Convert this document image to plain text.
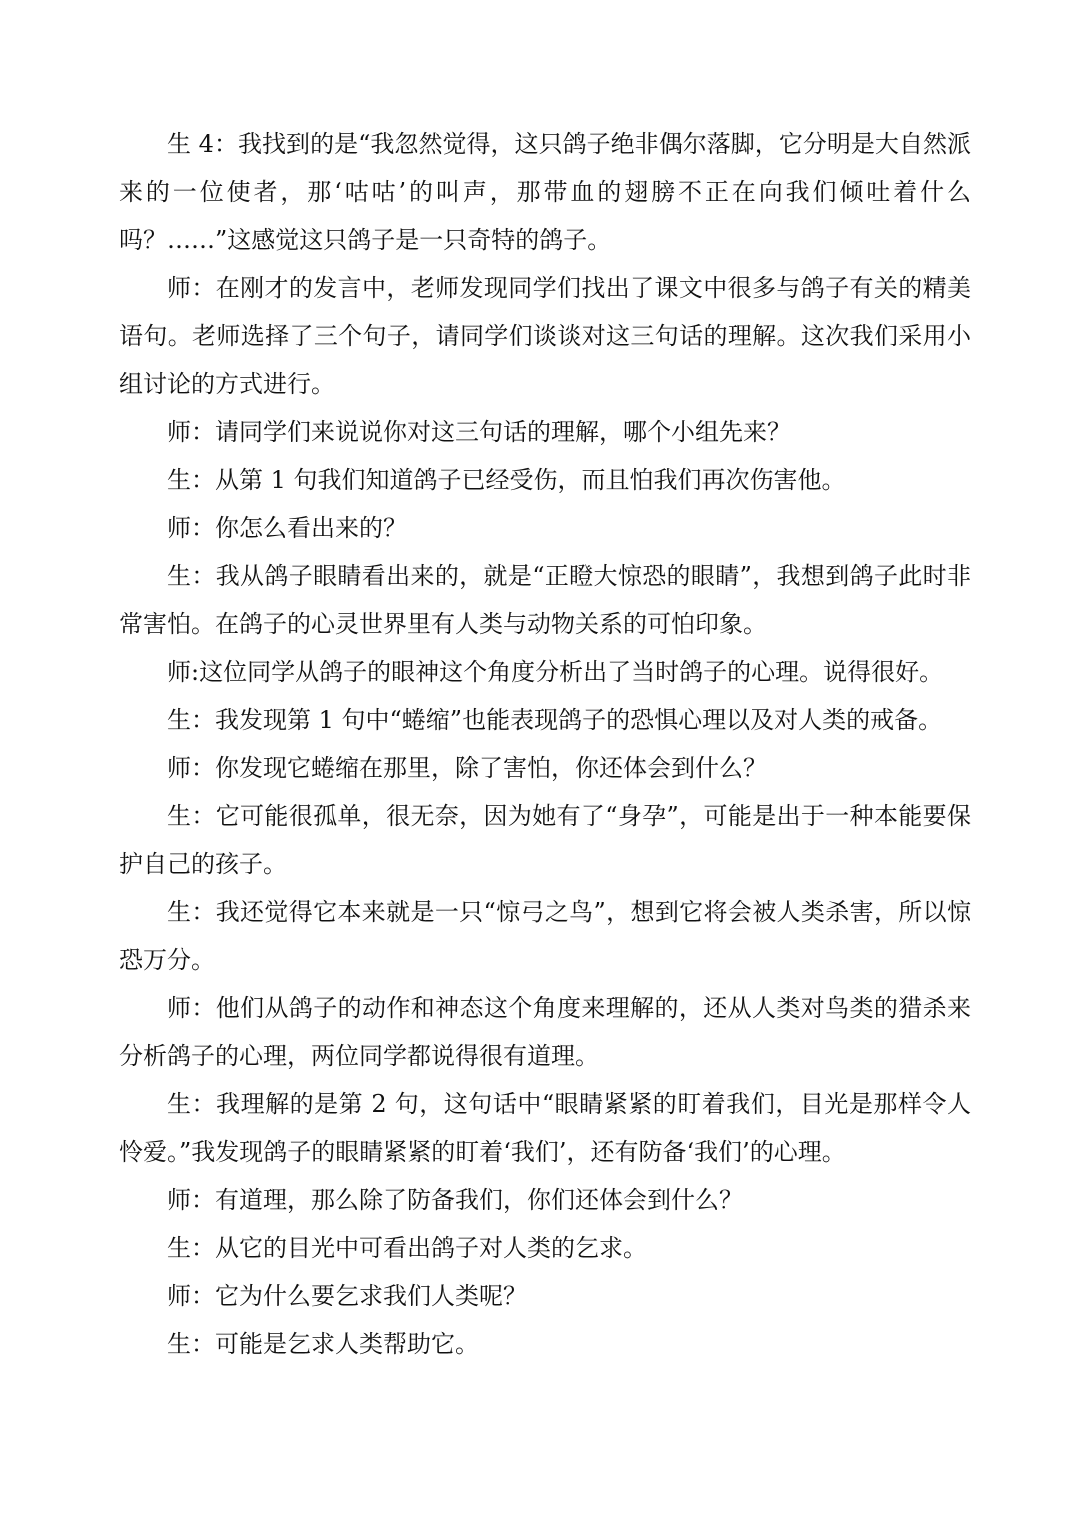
生 4：我找到的是“我忽然觉得，这只鸽子绝非偶尔落脚，它分明是大自然派来的一位使者，那‘咕咕’的叫声，那带血的翅膀不正在向我们倾吐着什么吗？……”这感觉这只鸽子是一只奇特的鸽子。

师：在刚才的发言中，老师发现同学们找出了课文中很多与鸽子有关的精美语句。老师选择了三个句子，请同学们谈谈对这三句话的理解。这次我们采用小组讨论的方式进行。

师：请同学们来说说你对这三句话的理解，哪个小组先来？

生：从第 1 句我们知道鸽子已经受伤，而且怕我们再次伤害他。

师：你怎么看出来的？

生：我从鸽子眼睛看出来的，就是“正瞪大惊恐的眼睛”，我想到鸽子此时非常害怕。在鸽子的心灵世界里有人类与动物关系的可怕印象。

师:这位同学从鸽子的眼神这个角度分析出了当时鸽子的心理。说得很好。

生：我发现第 1 句中“蜷缩”也能表现鸽子的恐惧心理以及对人类的戒备。

师：你发现它蜷缩在那里，除了害怕，你还体会到什么？

生：它可能很孤单，很无奈，因为她有了“身孕”，可能是出于一种本能要保护自己的孩子。

生：我还觉得它本来就是一只“惊弓之鸟”，想到它将会被人类杀害，所以惊恐万分。

师：他们从鸽子的动作和神态这个角度来理解的，还从人类对鸟类的猎杀来分析鸽子的心理，两位同学都说得很有道理。

生：我理解的是第 2 句，这句话中“眼睛紧紧的盯着我们，目光是那样令人怜爱。”我发现鸽子的眼睛紧紧的盯着‘我们’，还有防备‘我们’的心理。

师：有道理，那么除了防备我们，你们还体会到什么？

生：从它的目光中可看出鸽子对人类的乞求。

师：它为什么要乞求我们人类呢？

生：可能是乞求人类帮助它。
